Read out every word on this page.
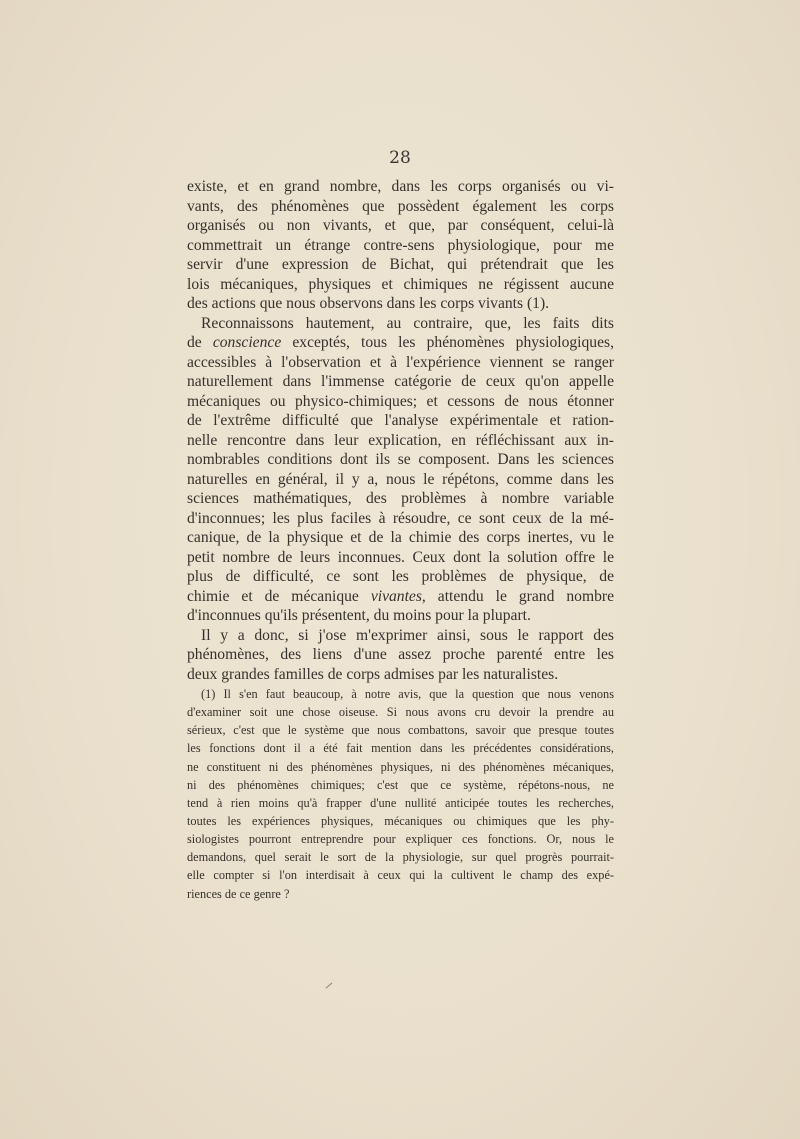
28
existe, et en grand nombre, dans les corps organisés ou vi-
vants, des phénomènes que possèdent également les corps
organisés ou non vivants, et que, par conséquent, celui-là
commettrait un étrange contre-sens physiologique, pour me
servir d'une expression de Bichat, qui prétendrait que les
lois mécaniques, physiques et chimiques ne régissent aucune
des actions que nous observons dans les corps vivants (1).
Reconnaissons hautement, au contraire, que, les faits dits
de conscience exceptés, tous les phénomènes physiologiques,
accessibles à l'observation et à l'expérience viennent se ranger
naturellement dans l'immense catégorie de ceux qu'on appelle
mécaniques ou physico-chimiques; et cessons de nous étonner
de l'extrême difficulté que l'analyse expérimentale et ration-
nelle rencontre dans leur explication, en réfléchissant aux in-
nombrables conditions dont ils se composent. Dans les sciences
naturelles en général, il y a, nous le répétons, comme dans les
sciences mathématiques, des problèmes à nombre variable
d'inconnues; les plus faciles à résoudre, ce sont ceux de la mé-
canique, de la physique et de la chimie des corps inertes, vu le
petit nombre de leurs inconnues. Ceux dont la solution offre le
plus de difficulté, ce sont les problèmes de physique, de
chimie et de mécanique vivantes, attendu le grand nombre
d'inconnues qu'ils présentent, du moins pour la plupart.
Il y a donc, si j'ose m'exprimer ainsi, sous le rapport des
phénomènes, des liens d'une assez proche parenté entre les
deux grandes familles de corps admises par les naturalistes.
(1) Il s'en faut beaucoup, à notre avis, que la question que nous venons
d'examiner soit une chose oiseuse. Si nous avons cru devoir la prendre au
sérieux, c'est que le système que nous combattons, savoir que presque toutes
les fonctions dont il a été fait mention dans les précédentes considérations,
ne constituent ni des phénomènes physiques, ni des phénomènes mécaniques,
ni des phénomènes chimiques; c'est que ce système, répétons-nous, ne
tend à rien moins qu'à frapper d'une nullité anticipée toutes les recherches,
toutes les expériences physiques, mécaniques ou chimiques que les phy-
siologistes pourront entreprendre pour expliquer ces fonctions. Or, nous le
demandons, quel serait le sort de la physiologie, sur quel progrès pourrait-
elle compter si l'on interdisait à ceux qui la cultivent le champ des expé-
riences de ce genre ?
